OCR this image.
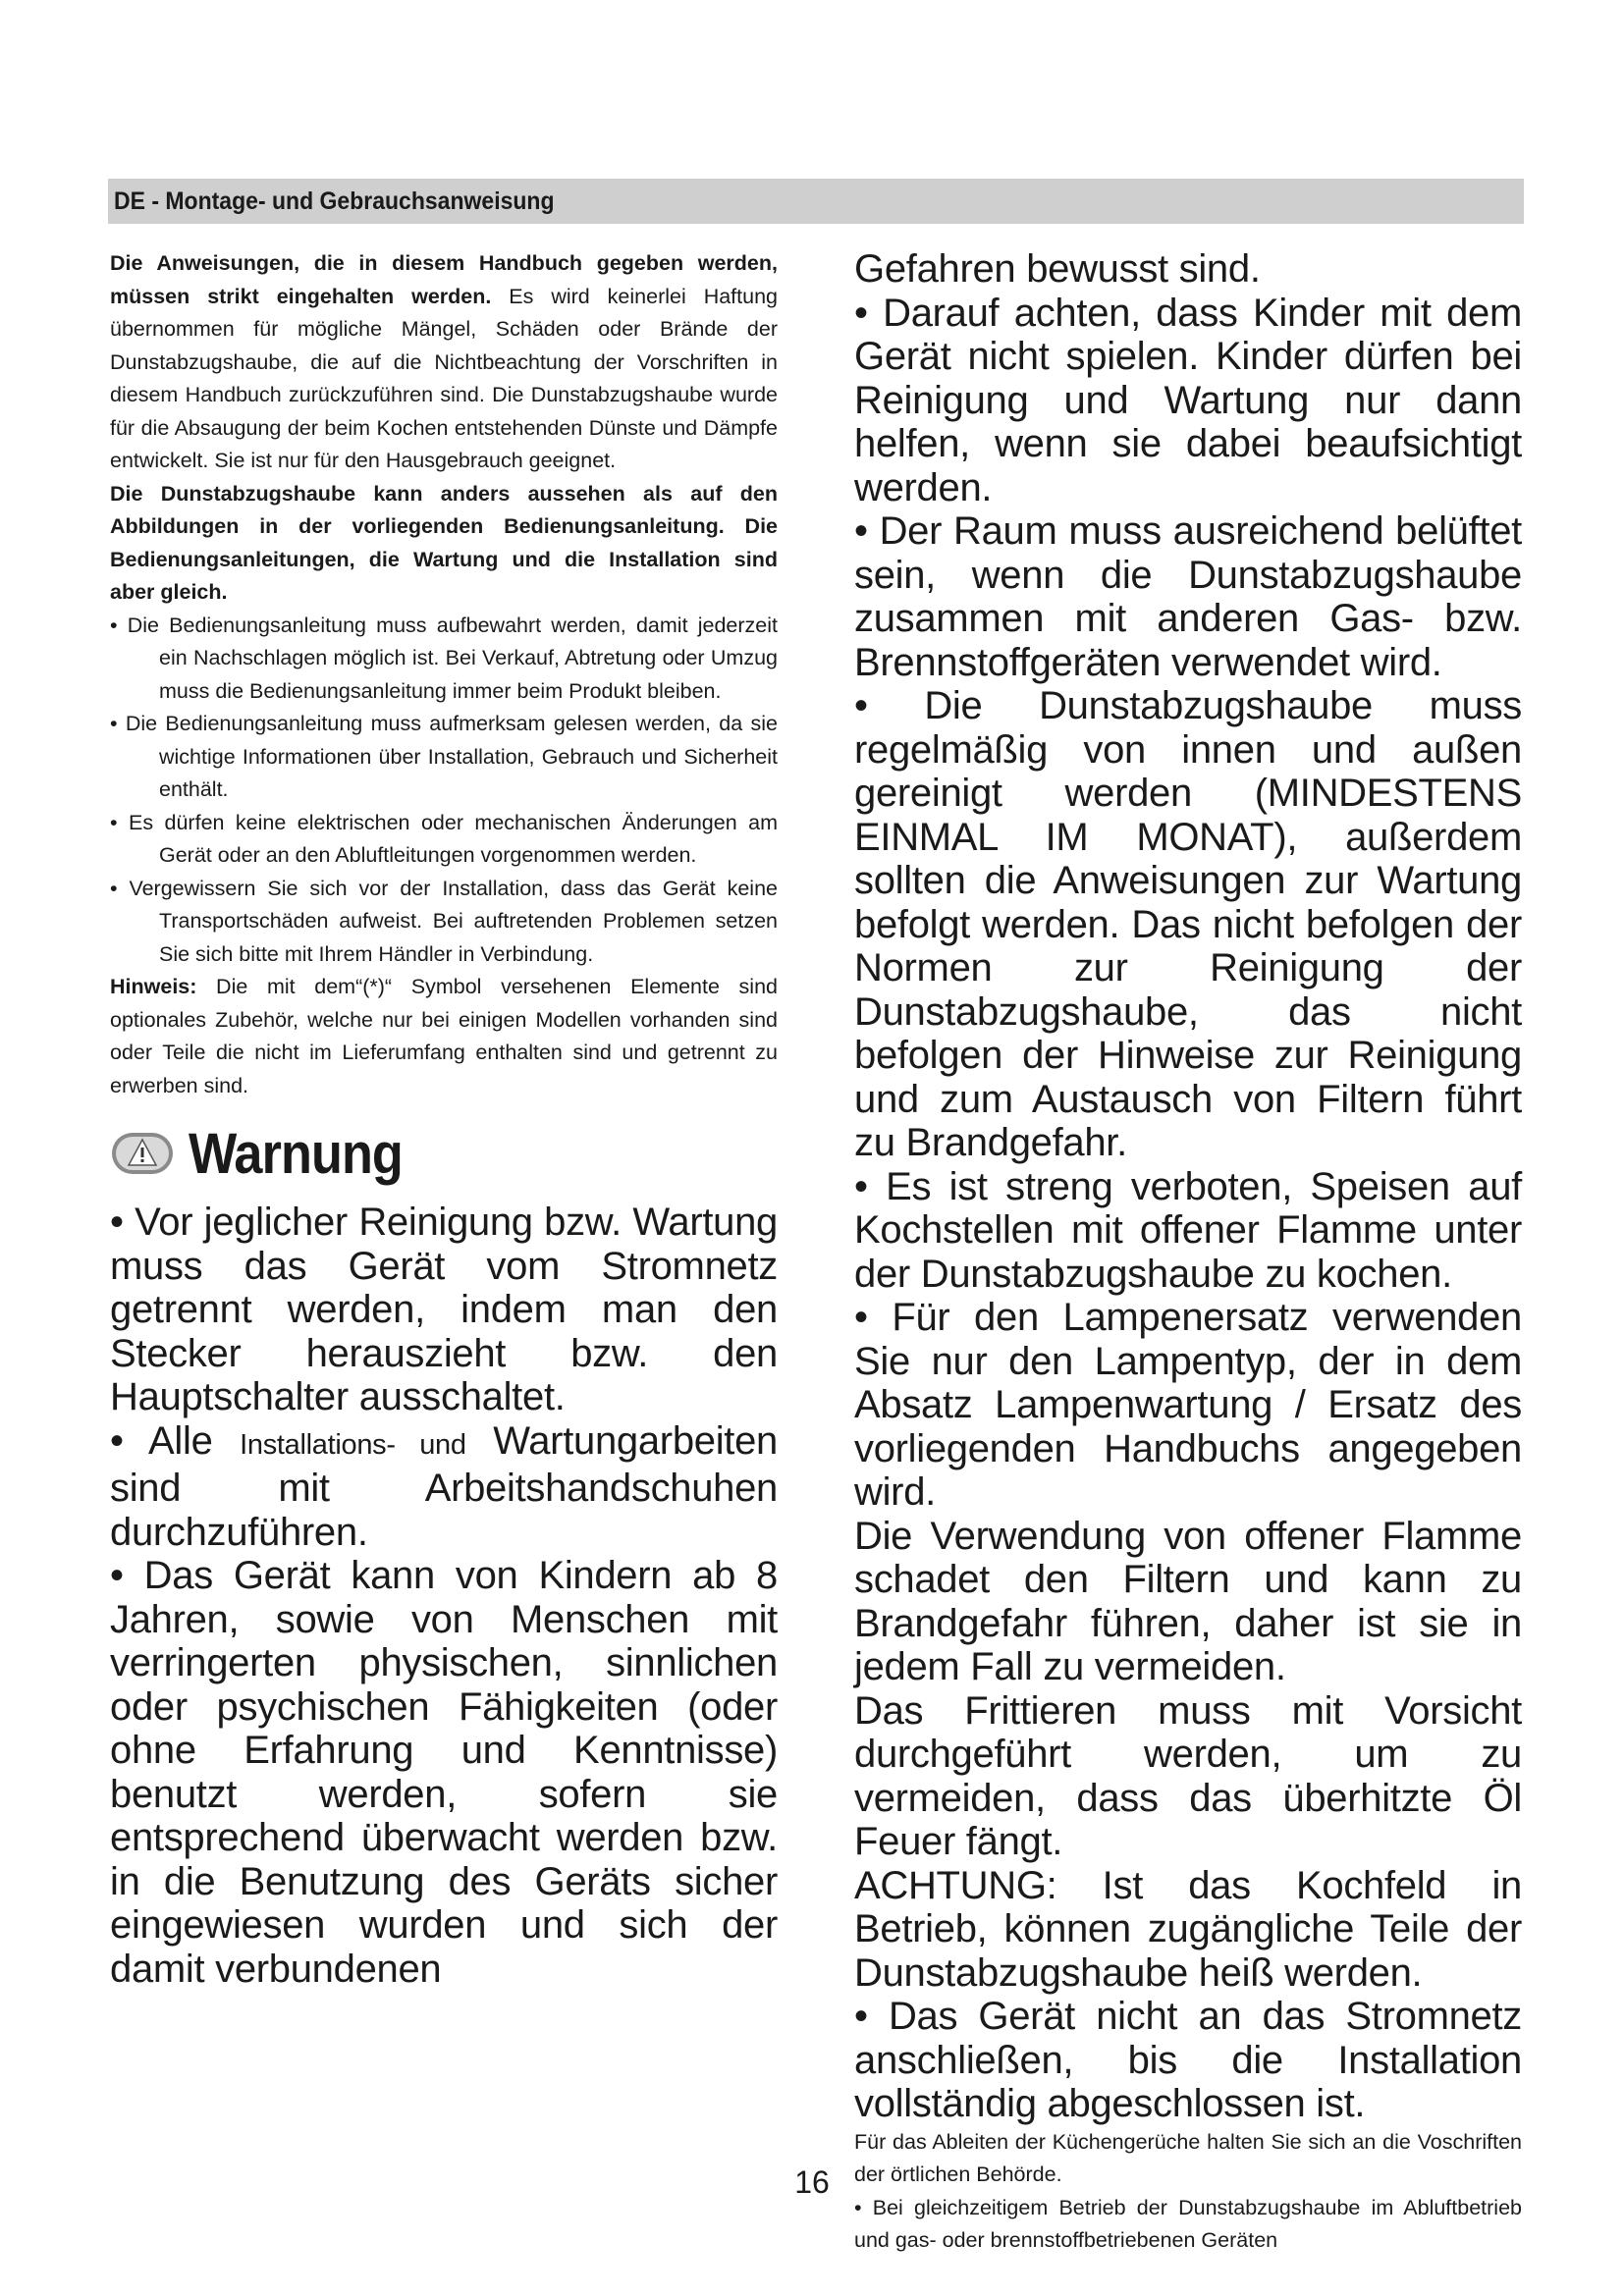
DE - Montage- und Gebrauchsanweisung

Die Anweisungen, die in diesem Handbuch gegeben werden, müssen strikt eingehalten werden. Es wird keinerlei Haftung übernommen für mögliche Mängel, Schäden oder Brände der Dunstabzugshaube, die auf die Nichtbeachtung der Vorschriften in diesem Handbuch zurückzuführen sind. Die Dunstabzugshaube wurde für die Absaugung der beim Kochen entstehenden Dünste und Dämpfe entwickelt. Sie ist nur für den Hausgebrauch geeignet.

Die Dunstabzugshaube kann anders aussehen als auf den Abbildungen in der vorliegenden Bedienungsanleitung. Die Bedienungsanleitungen, die Wartung und die Installation sind aber gleich.

• Die Bedienungsanleitung muss aufbewahrt werden, damit jederzeit ein Nachschlagen möglich ist. Bei Verkauf, Abtretung oder Umzug muss die Bedienungsanleitung immer beim Produkt bleiben.

• Die Bedienungsanleitung muss aufmerksam gelesen werden, da sie wichtige Informationen über Installation, Gebrauch und Sicherheit enthält.

• Es dürfen keine elektrischen oder mechanischen Änderungen am Gerät oder an den Abluftleitungen vorgenommen werden.

• Vergewissern Sie sich vor der Installation, dass das Gerät keine Transportschäden aufweist. Bei auftretenden Problemen setzen Sie sich bitte mit Ihrem Händler in Verbindung.

Hinweis: Die mit dem“(*)“ Symbol versehenen Elemente sind optionales Zubehör, welche nur bei einigen Modellen vorhanden sind oder Teile die nicht im Lieferumfang enthalten sind und getrennt zu erwerben sind.

Warnung

• Vor jeglicher Reinigung bzw. Wartung muss das Gerät vom Stromnetz getrennt werden, indem man den Stecker herauszieht bzw. den Hauptschalter ausschaltet.

• Alle Installations- und Wartungarbeiten sind mit Arbeitshandschuhen durchzuführen.

• Das Gerät kann von Kindern ab 8 Jahren, sowie von Menschen mit verringerten physischen, sinnlichen oder psychischen Fähigkeiten (oder ohne Erfahrung und Kenntnisse) benutzt werden, sofern sie entsprechend überwacht werden bzw. in die Benutzung des Geräts sicher eingewiesen wurden und sich der damit verbundenen

Gefahren bewusst sind.

• Darauf achten, dass Kinder mit dem Gerät nicht spielen. Kinder dürfen bei Reinigung und Wartung nur dann helfen, wenn sie dabei beaufsichtigt werden.

• Der Raum muss ausreichend belüftet sein, wenn die Dunstabzugshaube zusammen mit anderen Gas- bzw. Brennstoffgeräten verwendet wird.

• Die Dunstabzugshaube muss regelmäßig von innen und außen gereinigt werden (MINDESTENS EINMAL IM MONAT), außerdem sollten die Anweisungen zur Wartung befolgt werden. Das nicht befolgen der Normen zur Reinigung der Dunstabzugshaube, das nicht befolgen der Hinweise zur Reinigung und zum Austausch von Filtern führt zu Brandgefahr.

• Es ist streng verboten, Speisen auf Kochstellen mit offener Flamme unter der Dunstabzugshaube zu kochen.

• Für den Lampenersatz verwenden Sie nur den Lampentyp, der in dem Absatz Lampenwartung / Ersatz des vorliegenden Handbuchs angegeben wird.

Die Verwendung von offener Flamme schadet den Filtern und kann zu Brandgefahr führen, daher ist sie in jedem Fall zu vermeiden.

Das Frittieren muss mit Vorsicht durchgeführt werden, um zu vermeiden, dass das überhitzte Öl Feuer fängt.

ACHTUNG: Ist das Kochfeld in Betrieb, können zugängliche Teile der Dunstabzugshaube heiß werden.

• Das Gerät nicht an das Stromnetz anschließen, bis die Installation vollständig abgeschlossen ist.

Für das Ableiten der Küchengerüche halten Sie sich an die Voschriften der örtlichen Behörde.

• Bei gleichzeitigem Betrieb der Dunstabzugshaube im Abluftbetrieb und gas- oder brennstoffbetriebenen Geräten

16
